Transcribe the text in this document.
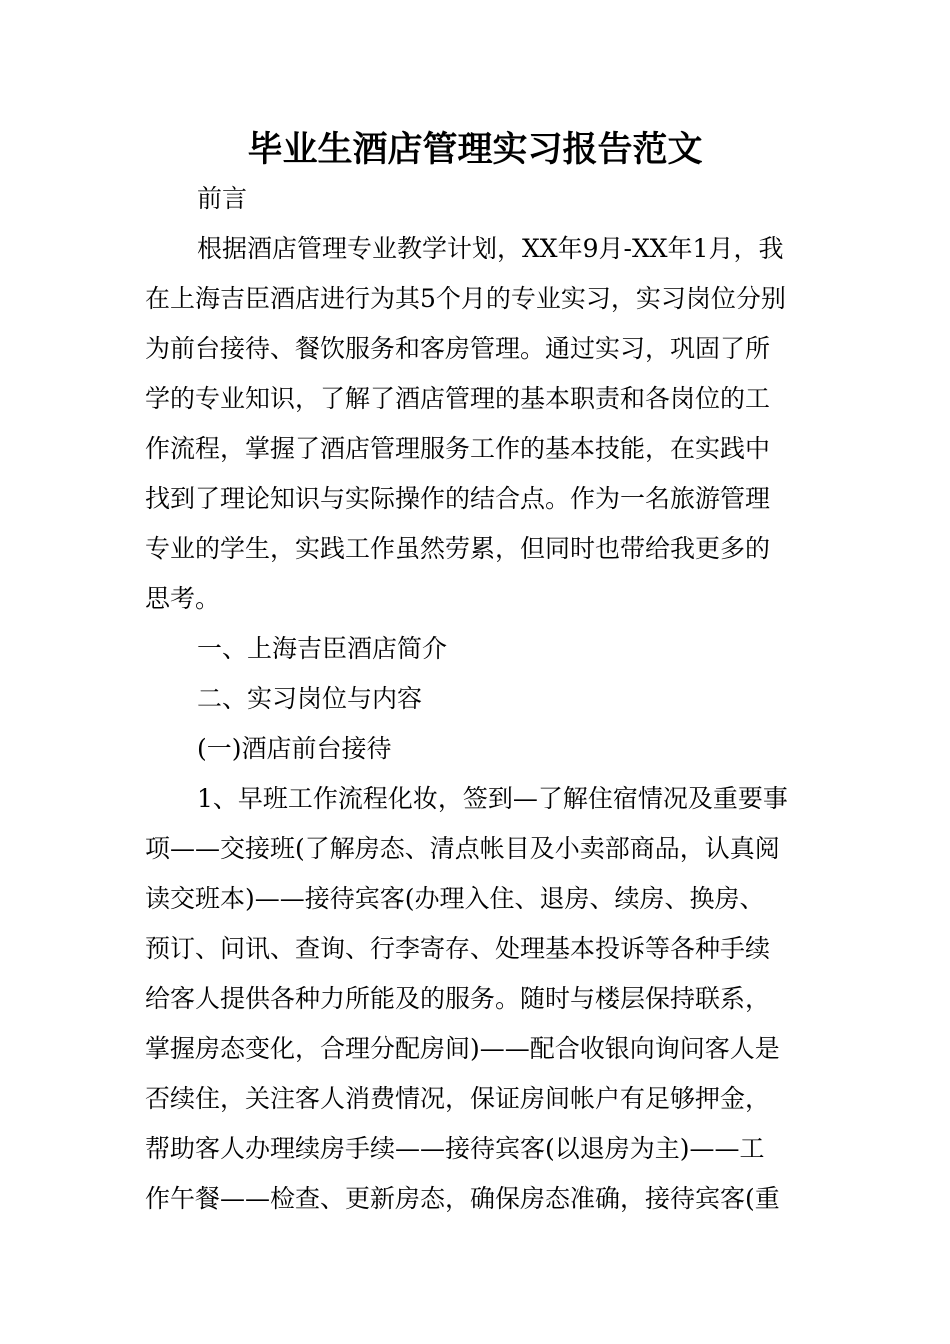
毕业生酒店管理实习报告范文
前言
根据酒店管理专业教学计划，XX年9月-XX年1月，我
在上海吉臣酒店进行为其5个月的专业实习，实习岗位分别
为前台接待、餐饮服务和客房管理。通过实习，巩固了所
学的专业知识，了解了酒店管理的基本职责和各岗位的工
作流程，掌握了酒店管理服务工作的基本技能，在实践中
找到了理论知识与实际操作的结合点。作为一名旅游管理
专业的学生，实践工作虽然劳累，但同时也带给我更多的
思考。
一、上海吉臣酒店简介
二、实习岗位与内容
(一)酒店前台接待
1、早班工作流程化妆，签到—了解住宿情况及重要事
项——交接班(了解房态、清点帐目及小卖部商品，认真阅
读交班本)——接待宾客(办理入住、退房、续房、换房、
预订、问讯、查询、行李寄存、处理基本投诉等各种手续
给客人提供各种力所能及的服务。随时与楼层保持联系，
掌握房态变化，合理分配房间)——配合收银向询问客人是
否续住，关注客人消费情况，保证房间帐户有足够押金，
帮助客人办理续房手续——接待宾客(以退房为主)——工
作午餐——检查、更新房态，确保房态准确，接待宾客(重
